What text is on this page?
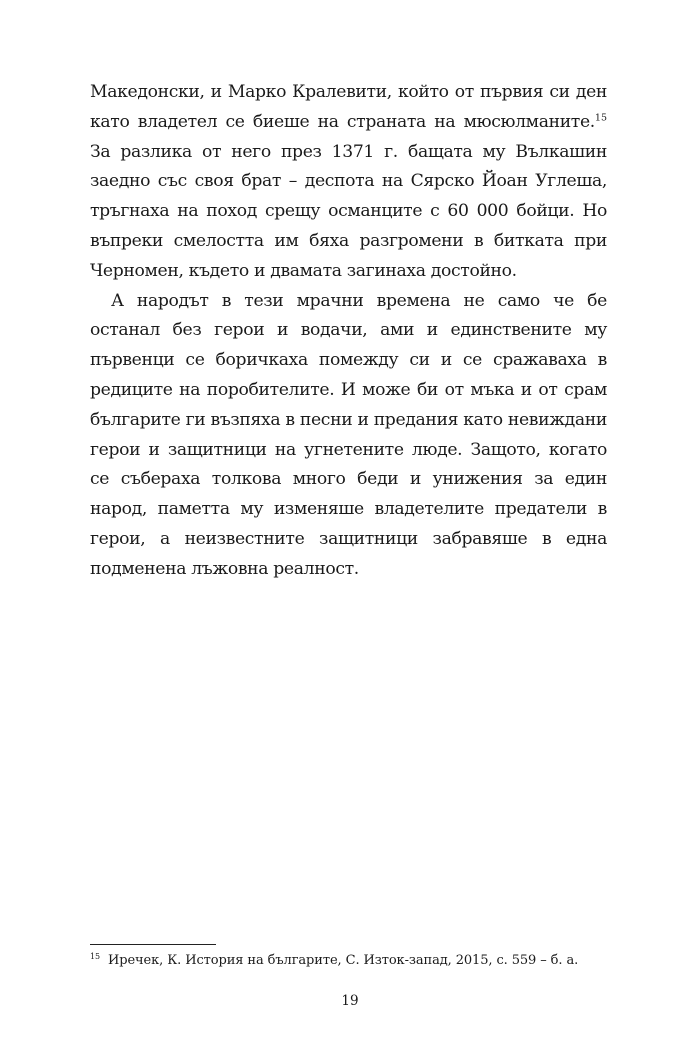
Македонски, и Марко Кралевити, който от първия си ден като владетел се биеше на страната на мюсюлманите.$^{15}$ За разлика от него през 1371 г. бащата му Вълкашин заедно със своя брат – деспота на Сярско Йоан Углеша, тръгнаха на поход срещу османците с 60 000 бойци. Но въпреки смелостта им бяха разгромени в битката при Черномен, където и двамата загинаха достойно.

А народът в тези мрачни времена не само че бе останал без герои и водачи, ами и единствените му първенци се боричкаха помежду си и се сражаваха в редиците на поробителите. И може би от мъка и от срам българите ги възпяха в песни и предания като невиждани герои и защитници на угнетените люде. Защото, когато се събераха толкова много беди и унижения за един народ, паметта му изменяше владетелите предатели в герои, а неизвестните защитници забравяше в една подменена лъжовна реалност.

$^{15}$ Иречек, К. История на българите, С. Изток-запад, 2015, с. 559 – б. а.
19
